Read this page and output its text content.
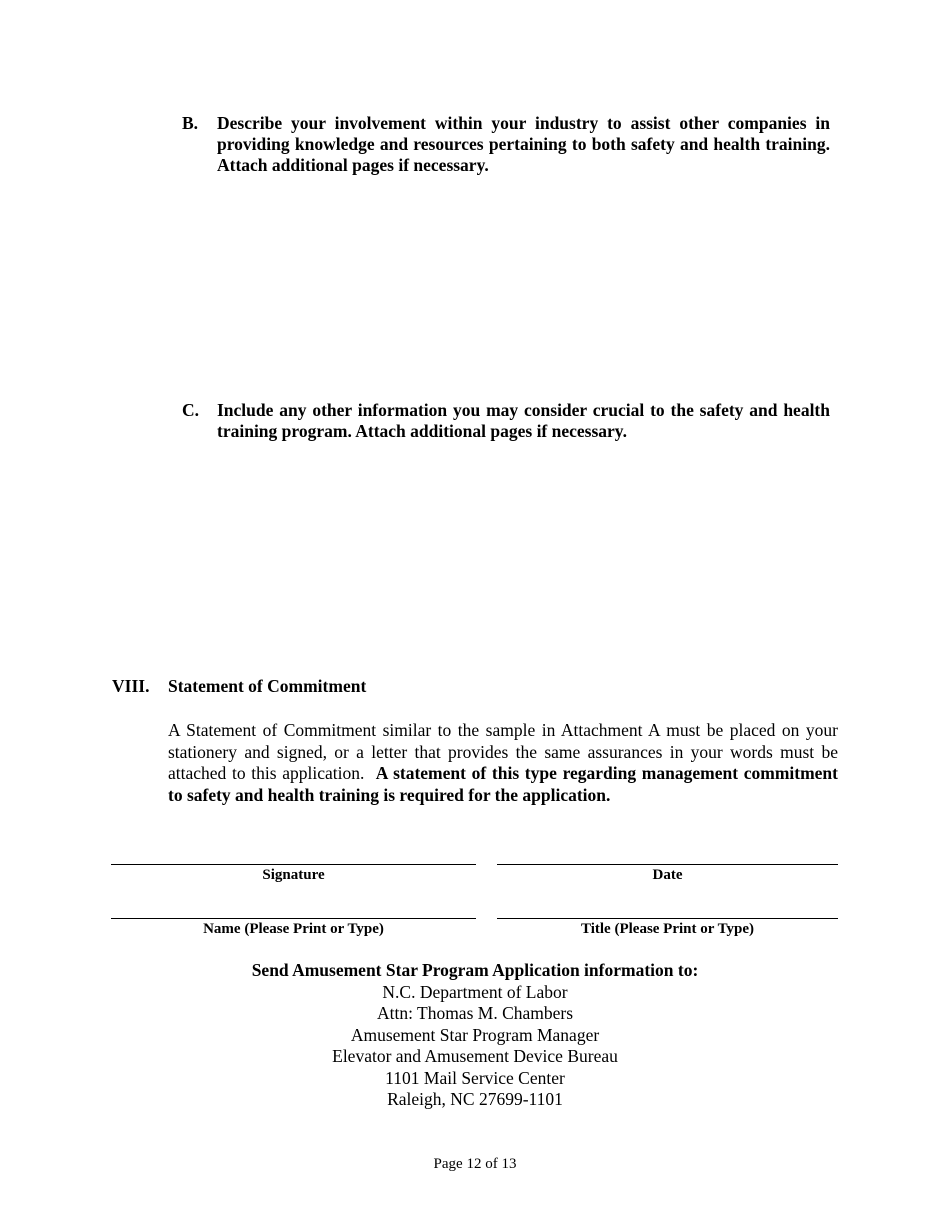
B. Describe your involvement within your industry to assist other companies in providing knowledge and resources pertaining to both safety and health training. Attach additional pages if necessary.
C. Include any other information you may consider crucial to the safety and health training program. Attach additional pages if necessary.
VIII. Statement of Commitment
A Statement of Commitment similar to the sample in Attachment A must be placed on your stationery and signed, or a letter that provides the same assurances in your words must be attached to this application. A statement of this type regarding management commitment to safety and health training is required for the application.
Signature	Date
Name (Please Print or Type)	Title (Please Print or Type)
Send Amusement Star Program Application information to:
N.C. Department of Labor
Attn: Thomas M. Chambers
Amusement Star Program Manager
Elevator and Amusement Device Bureau
1101 Mail Service Center
Raleigh, NC 27699-1101
Page 12 of 13
